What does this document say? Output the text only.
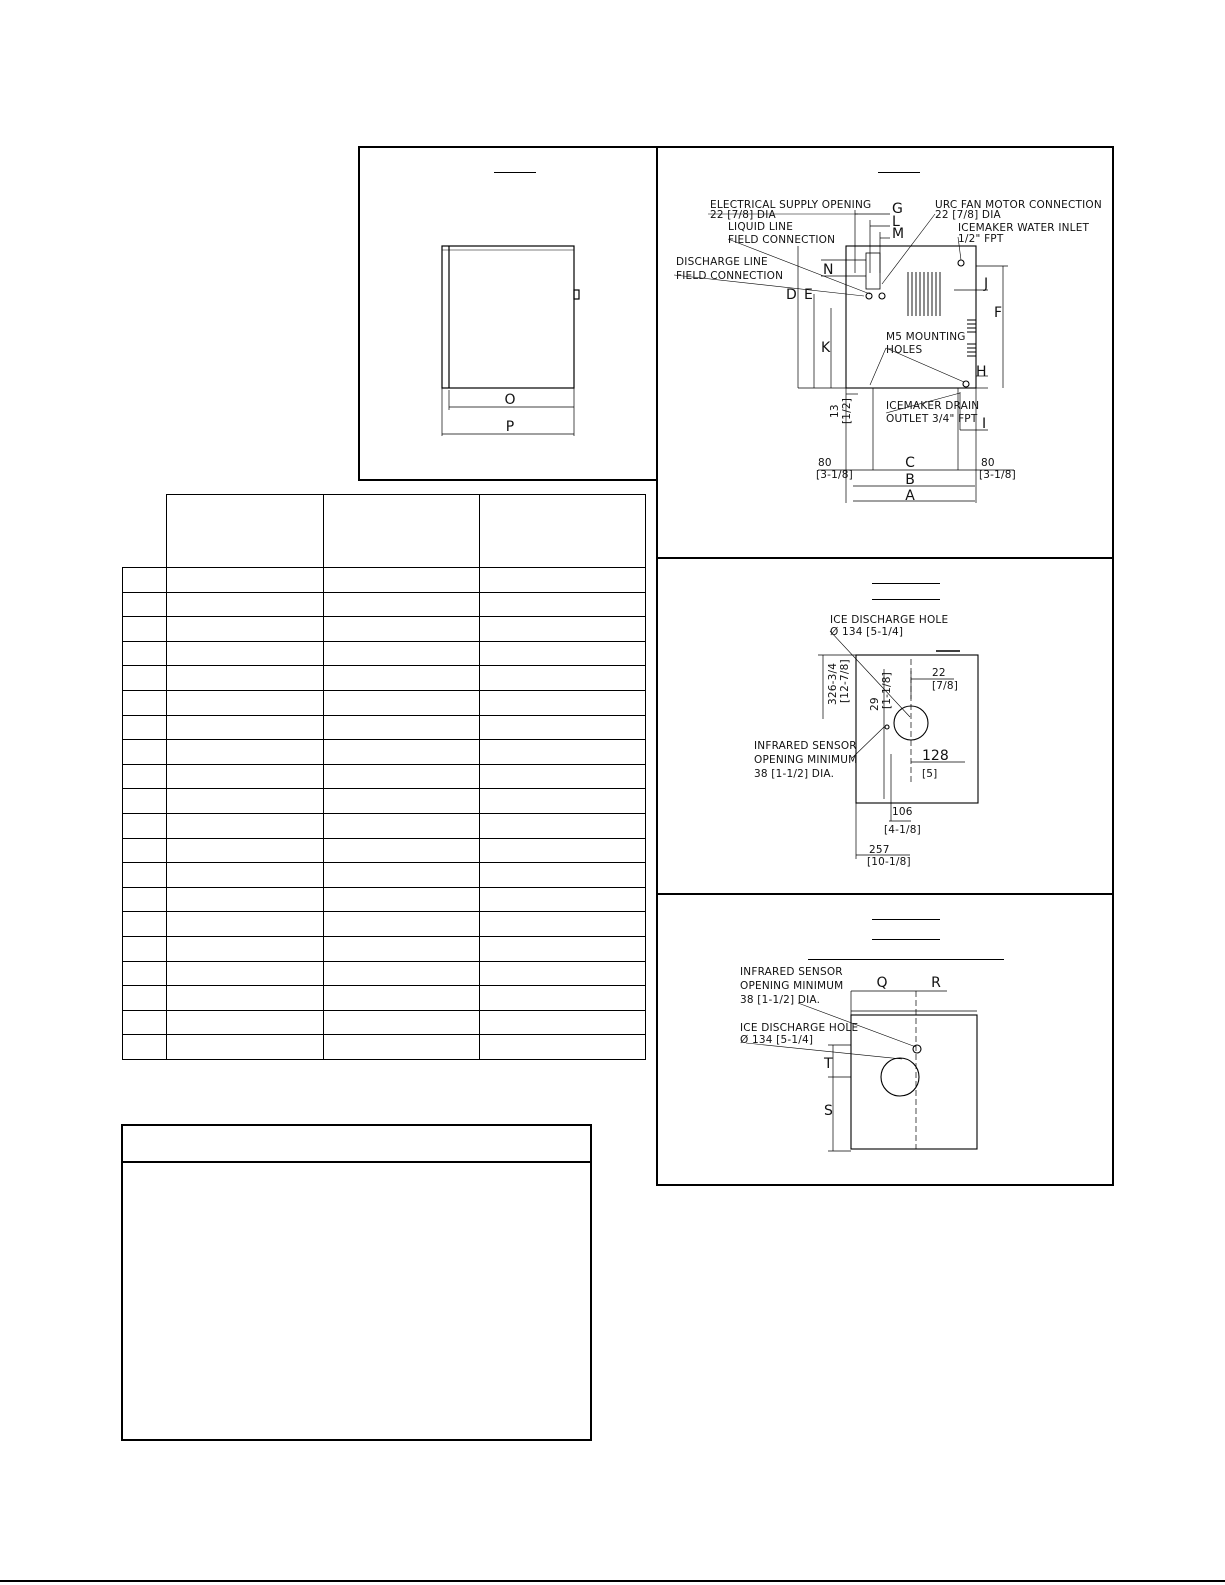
O
P
ELECTRICAL SUPPLY OPENING
22 [7/8] DIA
LIQUID LINE
FIELD CONNECTION
DISCHARGE LINE
FIELD CONNECTION
URC FAN MOTOR CONNECTION
22 [7/8] DIA
ICEMAKER WATER INLET
1/2" FPT
M5 MOUNTING
HOLES
ICEMAKER DRAIN
OUTLET 3/4" FPT
G
L
M
N
D E
K
J
F
H
I
C
B
A
80
[3-1/8]
80
[3-1/8]
13 [1/2]
ICE DISCHARGE HOLE
Ø 134 [5-1/4]
INFRARED SENSOR
OPENING MINIMUM
38 [1-1/2] DIA.
326-3/4 [12-7/8]
29 [1-1/8]	22
[7/8]
128
[5]
106
[4-1/8]
257
[10-1/8]
INFRARED SENSOR
OPENING MINIMUM
38 [1-1/2] DIA.
ICE DISCHARGE HOLE
Ø 134 [5-1/4]
Q	R
T
S
